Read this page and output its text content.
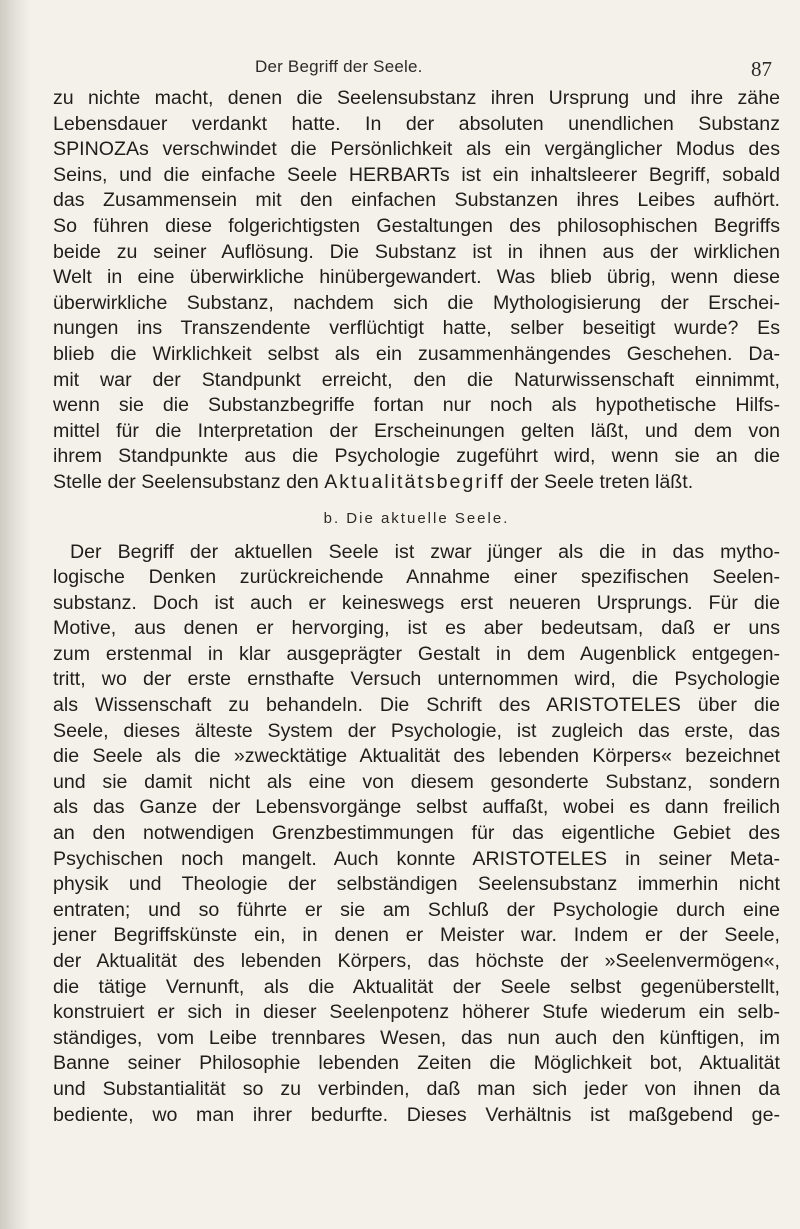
Der Begriff der Seele.	87
zu nichte macht, denen die Seelensubstanz ihren Ursprung und ihre zähe
Lebensdauer verdankt hatte. In der absoluten unendlichen Substanz
SPINOZAs verschwindet die Persönlichkeit als ein vergänglicher Modus des
Seins, und die einfache Seele HERBARTs ist ein inhaltsleerer Begriff, sobald
das Zusammensein mit den einfachen Substanzen ihres Leibes aufhört.
So führen diese folgerichtigsten Gestaltungen des philosophischen Begriffs
beide zu seiner Auflösung. Die Substanz ist in ihnen aus der wirklichen
Welt in eine überwirkliche hinübergewandert. Was blieb übrig, wenn diese
überwirkliche Substanz, nachdem sich die Mythologisierung der Erschei-
nungen ins Transzendente verflüchtigt hatte, selber beseitigt wurde? Es
blieb die Wirklichkeit selbst als ein zusammenhängendes Geschehen. Da-
mit war der Standpunkt erreicht, den die Naturwissenschaft einnimmt,
wenn sie die Substanzbegriffe fortan nur noch als hypothetische Hilfs-
mittel für die Interpretation der Erscheinungen gelten läßt, und dem von
ihrem Standpunkte aus die Psychologie zugeführt wird, wenn sie an die
Stelle der Seelensubstanz den Aktualitätsbegriff der Seele treten läßt.
b. Die aktuelle Seele.
Der Begriff der aktuellen Seele ist zwar jünger als die in das mytho-
logische Denken zurückreichende Annahme einer spezifischen Seelen-
substanz. Doch ist auch er keineswegs erst neueren Ursprungs. Für die
Motive, aus denen er hervorging, ist es aber bedeutsam, daß er uns
zum erstenmal in klar ausgeprägter Gestalt in dem Augenblick entgegen-
tritt, wo der erste ernsthafte Versuch unternommen wird, die Psychologie
als Wissenschaft zu behandeln. Die Schrift des ARISTOTELES über die
Seele, dieses älteste System der Psychologie, ist zugleich das erste, das
die Seele als die »zwecktätige Aktualität des lebenden Körpers« bezeichnet
und sie damit nicht als eine von diesem gesonderte Substanz, sondern
als das Ganze der Lebensvorgänge selbst auffaßt, wobei es dann freilich
an den notwendigen Grenzbestimmungen für das eigentliche Gebiet des
Psychischen noch mangelt. Auch konnte ARISTOTELES in seiner Meta-
physik und Theologie der selbständigen Seelensubstanz immerhin nicht
entraten; und so führte er sie am Schluß der Psychologie durch eine
jener Begriffskünste ein, in denen er Meister war. Indem er der Seele,
der Aktualität des lebenden Körpers, das höchste der »Seelenvermögen«,
die tätige Vernunft, als die Aktualität der Seele selbst gegenüberstellt,
konstruiert er sich in dieser Seelenpotenz höherer Stufe wiederum ein selb-
ständiges, vom Leibe trennbares Wesen, das nun auch den künftigen, im
Banne seiner Philosophie lebenden Zeiten die Möglichkeit bot, Aktualität
und Substantialität so zu verbinden, daß man sich jeder von ihnen da
bediente, wo man ihrer bedurfte. Dieses Verhältnis ist maßgebend ge-
